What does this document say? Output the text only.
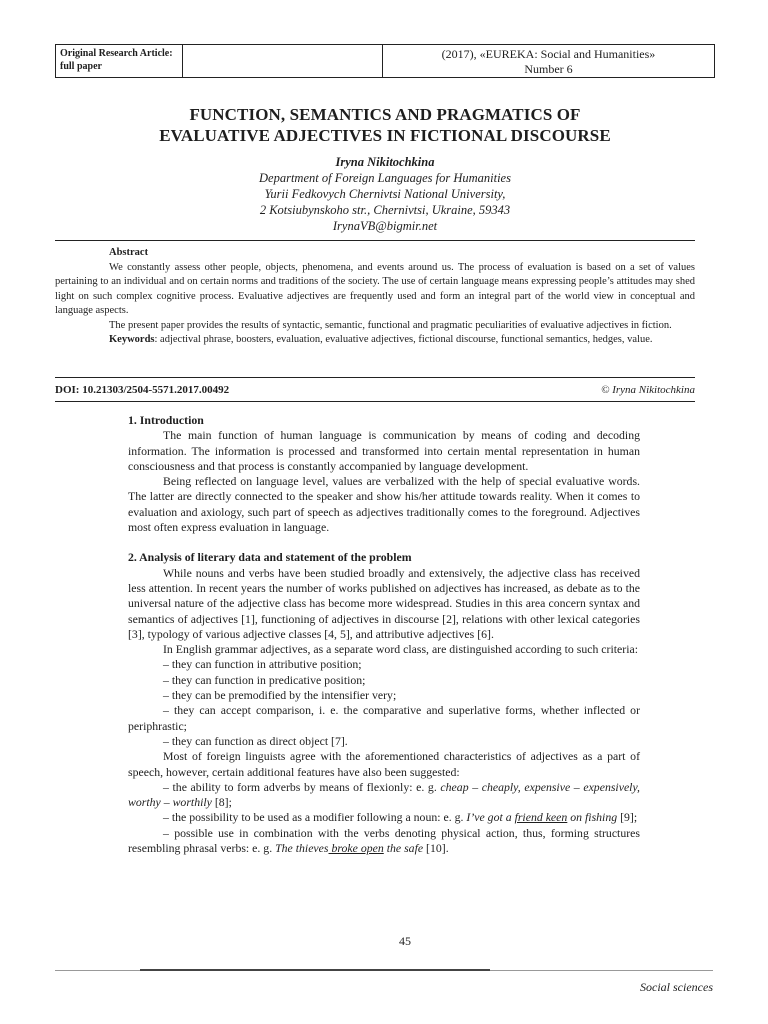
Original Research Article:
full paper
(2017), «EUREKA: Social and Humanities»
Number 6
FUNCTION, SEMANTICS AND PRAGMATICS OF
EVALUATIVE ADJECTIVES IN FICTIONAL DISCOURSE
Iryna Nikitochkina
Department of Foreign Languages for Humanities
Yurii Fedkovych Chernivtsi National University,
2 Kotsiubynskoho str., Chernivtsi, Ukraine, 59343
IrynaVB@bigmir.net

Abstract

We constantly assess other people, objects, phenomena, and events around us. The process of evaluation is based on a set of values pertaining to an individual and on certain norms and traditions of the society. The use of certain language means expressing people’s attitudes may shed light on such complex cognitive process. Evaluative adjectives are frequently used and form an integral part of the world view in conceptual and language aspects.

The present paper provides the results of syntactic, semantic, functional and pragmatic peculiarities of evaluative adjectives in fiction.

Keywords: adjectival phrase, boosters, evaluation, evaluative adjectives, fictional discourse, functional semantics, hedges, value.

DOI: 10.21303/2504-5571.2017.00492	© Iryna Nikitochkina
1. Introduction

The main function of human language is communication by means of coding and decoding information. The information is processed and transformed into certain mental representation in human consciousness and that process is constantly accompanied by language development.

Being reflected on language level, values are verbalized with the help of special evaluative words. The latter are directly connected to the speaker and show his/her attitude towards reality. When it comes to evaluation and axiology, such part of speech as adjectives traditionally comes to the foreground. Adjectives most often express evaluation in language.

2. Analysis of literary data and statement of the problem

While nouns and verbs have been studied broadly and extensively, the adjective class has received less attention. In recent years the number of works published on adjectives has increased, as debate as to the universal nature of the adjective class has become more widespread. Studies in this area concern syntax and semantics of adjectives [1], functioning of adjectives in discourse [2], relations with other lexical categories [3], typology of various adjective classes [4, 5], and attributive adjectives [6].

In English grammar adjectives, as a separate word class, are distinguished according to such criteria:

– they can function in attributive position;

– they can function in predicative position;

– they can be premodified by the intensifier very;

– they can accept comparison, i. e. the comparative and superlative forms, whether inflected or periphrastic;

– they can function as direct object [7].

Most of foreign linguists agree with the aforementioned characteristics of adjectives as a part of speech, however, certain additional features have also been suggested:

– the ability to form adverbs by means of flexionly: e. g. cheap – cheaply, expensive – expensively, worthy – worthily [8];

– the possibility to be used as a modifier following a noun: e. g. I’ve got a friend keen on fishing [9];

– possible use in combination with the verbs denoting physical action, thus, forming structures resembling phrasal verbs: e. g. The thieves broke open the safe [10].

45
Social sciences
